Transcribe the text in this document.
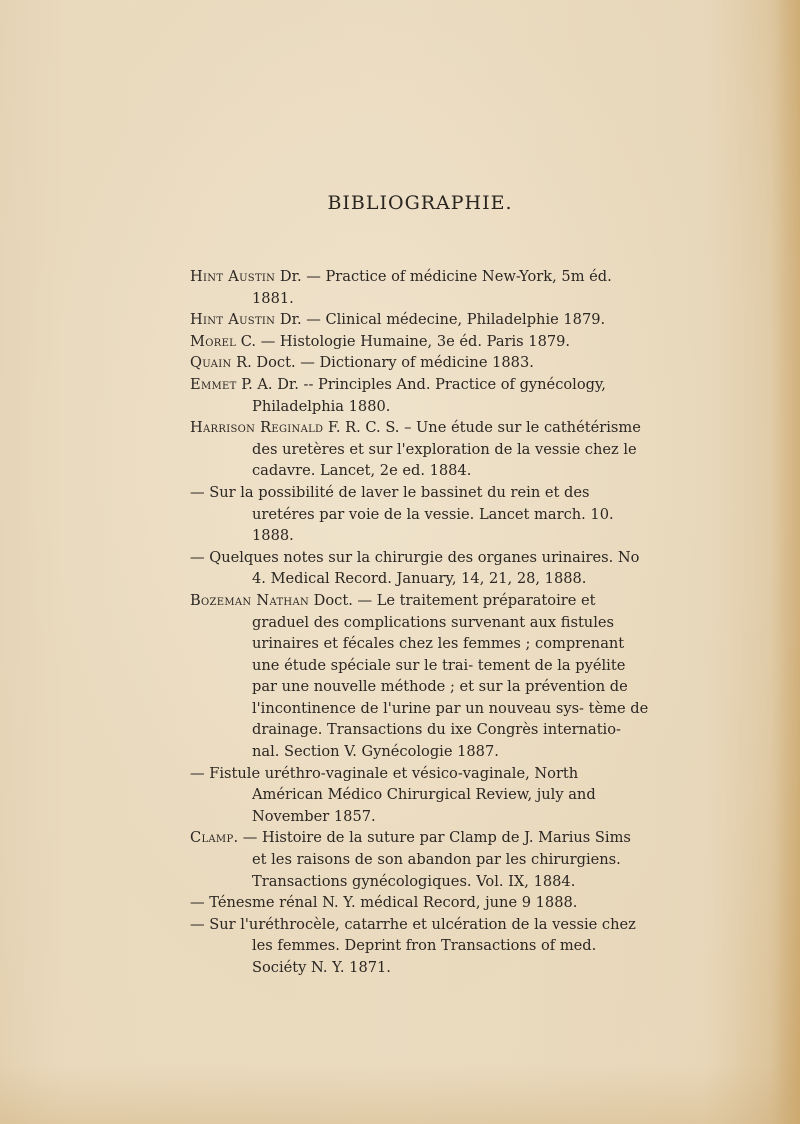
BIBLIOGRAPHIE.

Hint Austin Dr. — Practice of médicine New-York, 5m éd. 1881.

Hint Austin Dr. — Clinical médecine, Philadelphie 1879.

Morel C. — Histologie Humaine, 3e éd. Paris 1879.

Quain R. Doct. — Dictionary of médicine 1883.

Emmet P. A. Dr. -- Principles And. Practice of gynécology, Philadelphia 1880.

Harrison Reginald F. R. C. S. – Une étude sur le cathétérisme des uretères et sur l'exploration de la vessie chez le cadavre. Lancet, 2e ed. 1884.

— Sur la possibilité de laver le bassinet du rein et des uretéres par voie de la vessie. Lancet march. 10. 1888.

— Quelques notes sur la chirurgie des organes urinaires. No 4. Medical Record. January, 14, 21, 28, 1888.

Bozeman Nathan Doct. — Le traitement préparatoire et graduel des complications survenant aux fistules urinaires et fécales chez les femmes ; comprenant une étude spéciale sur le trai- tement de la pyélite par une nouvelle méthode ; et sur la prévention de l'incontinence de l'urine par un nouveau sys- tème de drainage. Transactions du ixe Congrès internatio- nal. Section V. Gynécologie 1887.

— Fistule uréthro-vaginale et vésico-vaginale, North Américan Médico Chirurgical Review, july and November 1857.

Clamp. — Histoire de la suture par Clamp de J. Marius Sims et les raisons de son abandon par les chirurgiens. Transactions gynécologiques. Vol. IX, 1884.

— Ténesme rénal N. Y. médical Record, june 9 1888.

— Sur l'uréthrocèle, catarrhe et ulcération de la vessie chez les femmes. Deprint fron Transactions of med. Sociéty N. Y. 1871.
